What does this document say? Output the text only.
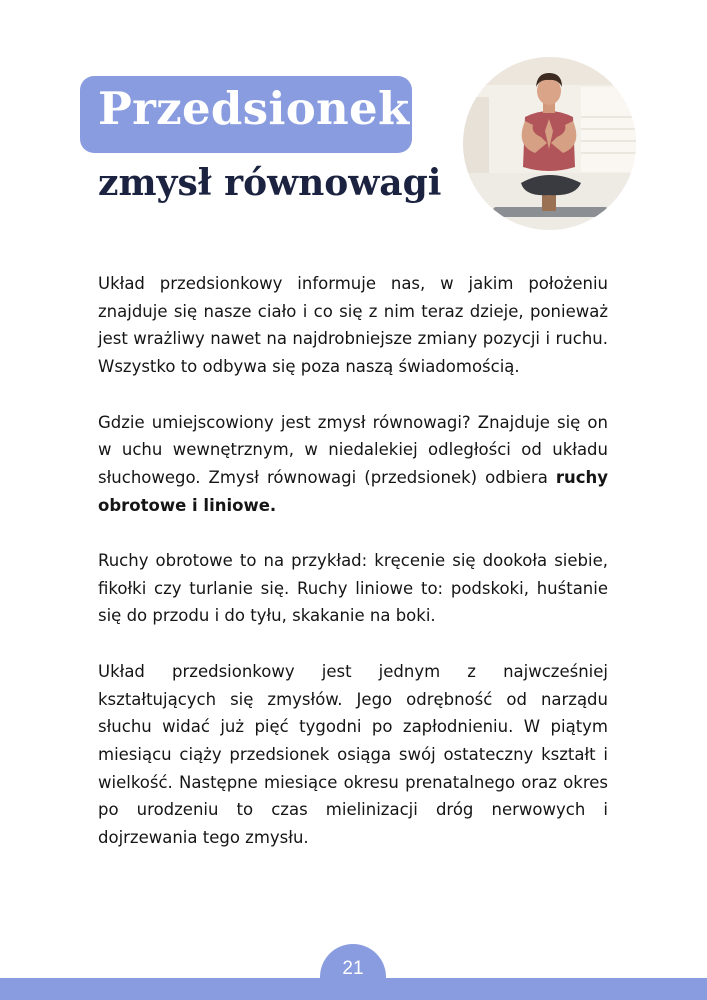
Przedsionek
zmysł równowagi

Układ przedsionkowy informuje nas, w jakim położeniu znajduje się nasze ciało i co się z nim teraz dzieje, ponieważ jest wrażliwy nawet na najdrobniejsze zmiany pozycji i ruchu. Wszystko to odbywa się poza naszą świadomością.

Gdzie umiejscowiony jest zmysł równowagi? Znajduje się on w uchu wewnętrznym, w niedalekiej odległości od układu słuchowego. Zmysł równowagi (przedsionek) odbiera ruchy obrotowe i liniowe.

Ruchy obrotowe to na przykład: kręcenie się dookoła siebie, fikołki czy turlanie się. Ruchy liniowe to: podskoki, huśtanie się do przodu i do tyłu, skakanie na boki.

Układ przedsionkowy jest jednym z najwcześniej kształtujących się zmysłów. Jego odrębność od narządu słuchu widać już pięć tygodni po zapłodnieniu. W piątym miesiącu ciąży przedsionek osiąga swój ostateczny kształt i wielkość. Następne miesiące okresu prenatalnego oraz okres po urodzeniu to czas mielinizacji dróg nerwowych i dojrzewania tego zmysłu.

21
